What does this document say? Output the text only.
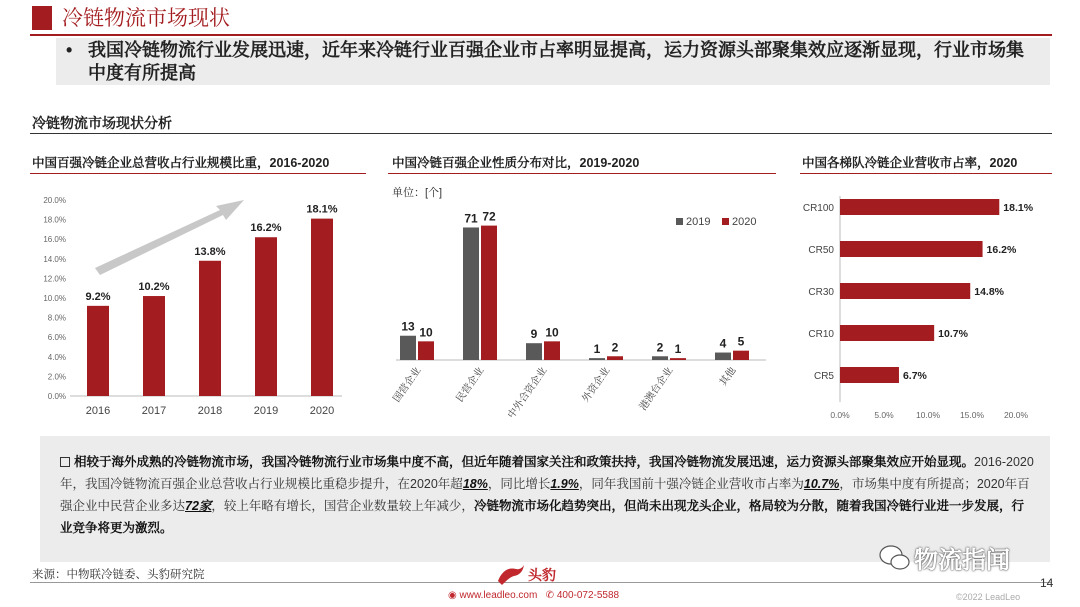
冷链物流市场现状
• 我国冷链物流行业发展迅速，近年来冷链行业百强企业市占率明显提高，运力资源头部聚集效应逐渐显现，行业市场集中度有所提高
冷链物流市场现状分析
中国百强冷链企业总营收占行业规模比重，2016-2020
0.0%
2.0%
4.0%
6.0%
8.0%
10.0%
12.0%
14.0%
16.0%
18.0%
20.0%
9.2%
2016
10.2%
2017
13.8%
2018
16.2%
2019
18.1%
2020
中国冷链百强企业性质分布对比，2019-2020
单位：[个]
13 10
国营企业
71 72
民营企业
9 10
中外合资企业
1 2
外资企业
2 1
港澳台企业
4 5
其他
2019 2020
中国各梯队冷链企业营收市占率，2020
CR100	18.1%
CR50	16.2%
CR30	14.8%
CR10	10.7%
CR5	6.7%
0.0%	5.0%	10.0% 15.0% 20.0%
相较于海外成熟的冷链物流市场，我国冷链物流行业市场集中度不高，但近年随着国家关注和政策扶持，我国冷链物流发展迅速，运力资源头部聚集效应开始显现。2016-2020年，我国冷链物流百强企业总营收占行业规模比重稳步提升，在2020年超18%，同比增长1.9%，同年我国前十强冷链企业营收市占率为10.7%，市场集中度有所提高；2020年百强企业中民营企业多达72家，较上年略有增长，国营企业数量较上年减少，冷链物流市场化趋势突出，但尚未出现龙头企业，格局较为分散，随着我国冷链行业进一步发展，行业竞争将更为激烈。
来源：中物联冷链委、头豹研究院	头豹
◉ www.leadleo.com ✆ 400-072-5588
14
©2022 LeadLeo
物流指闻
